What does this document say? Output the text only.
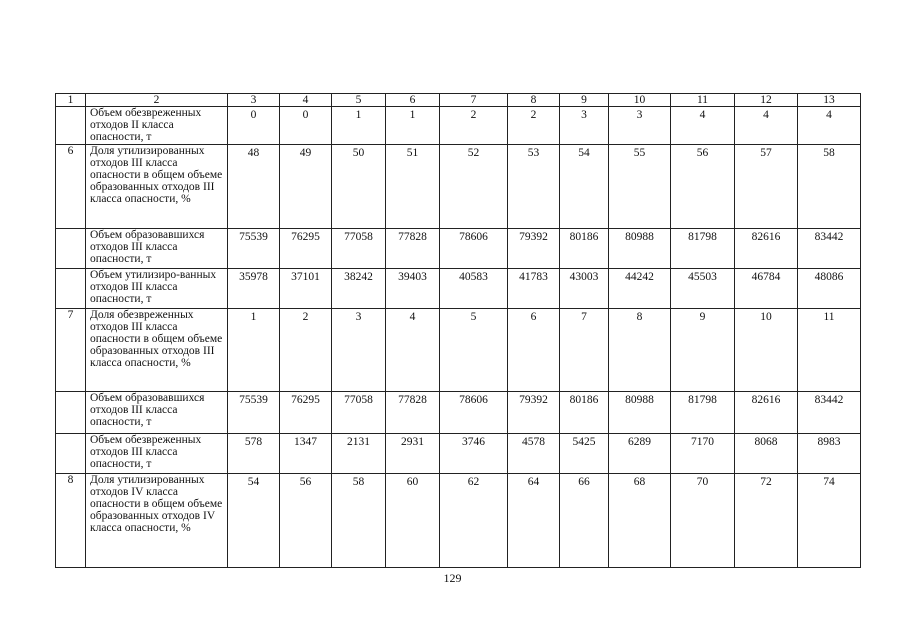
1	2	3	4	5	6	7	8	9	10	11	12	13
	Объем обезвреженных отходов II класса опасности, т	0	0	1	1	2	2	3	3	4	4	4
6	Доля утилизированных отходов III класса опасности в общем объеме образованных отходов III класса опасности, %	48	49	50	51	52	53	54	55	56	57	58
	Объем образовавшихся отходов III класса опасности, т	75539	76295	77058	77828	78606	79392	80186	80988	81798	82616	83442
	Объем утилизиро-ванных отходов III класса опасности, т	35978	37101	38242	39403	40583	41783	43003	44242	45503	46784	48086
7	Доля обезвреженных отходов III класса опасности в общем объеме образованных отходов III класса опасности, %	1	2	3	4	5	6	7	8	9	10	11
	Объем образовавшихся отходов III класса опасности, т	75539	76295	77058	77828	78606	79392	80186	80988	81798	82616	83442
	Объем обезвреженных отходов III класса опасности, т	578	1347	2131	2931	3746	4578	5425	6289	7170	8068	8983
8	Доля утилизированных отходов IV класса опасности в общем объеме образованных отходов IV класса опасности, %	54	56	58	60	62	64	66	68	70	72	74
129
